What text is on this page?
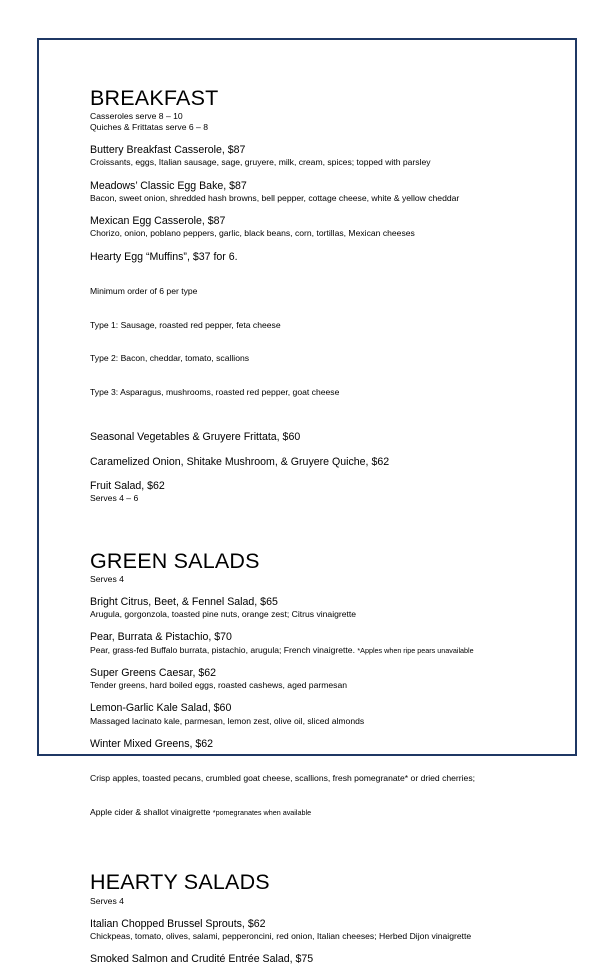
BREAKFAST
Casseroles serve 8 – 10
Quiches & Frittatas serve 6 – 8
Buttery Breakfast Casserole, $87
Croissants, eggs, Italian sausage, sage, gruyere, milk, cream, spices; topped with parsley
Meadows’ Classic Egg Bake, $87
Bacon, sweet onion, shredded hash browns, bell pepper, cottage cheese, white & yellow cheddar
Mexican Egg Casserole, $87
Chorizo, onion, poblano peppers, garlic, black beans, corn, tortillas, Mexican cheeses
Hearty Egg “Muffins”, $37 for 6.

Minimum order of 6 per type

Type 1: Sausage, roasted red pepper, feta cheese

Type 2: Bacon, cheddar, tomato, scallions

Type 3: Asparagus, mushrooms, roasted red pepper, goat cheese

Seasonal Vegetables & Gruyere Frittata, $60
Caramelized Onion, Shitake Mushroom, & Gruyere Quiche, $62
Fruit Salad, $62
Serves 4 – 6
GREEN SALADS
Serves 4
Bright Citrus, Beet, & Fennel Salad, $65
Arugula, gorgonzola, toasted pine nuts, orange zest; Citrus vinaigrette
Pear, Burrata & Pistachio, $70
Pear, grass-fed Buffalo burrata, pistachio, arugula; French vinaigrette. *Apples when ripe pears unavailable
Super Greens Caesar, $62
Tender greens, hard boiled eggs, roasted cashews, aged parmesan
Lemon-Garlic Kale Salad, $60
Massaged lacinato kale, parmesan, lemon zest, olive oil, sliced almonds
Winter Mixed Greens, $62

Crisp apples, toasted pecans, crumbled goat cheese, scallions, fresh pomegranate* or dried cherries;

Apple cider & shallot vinaigrette *pomegranates when available

HEARTY SALADS
Serves 4
Italian Chopped Brussel Sprouts, $62
Chickpeas, tomato, olives, salami, pepperoncini, red onion, Italian cheeses; Herbed Dijon vinaigrette
Smoked Salmon and Crudité Entrée Salad, $75
